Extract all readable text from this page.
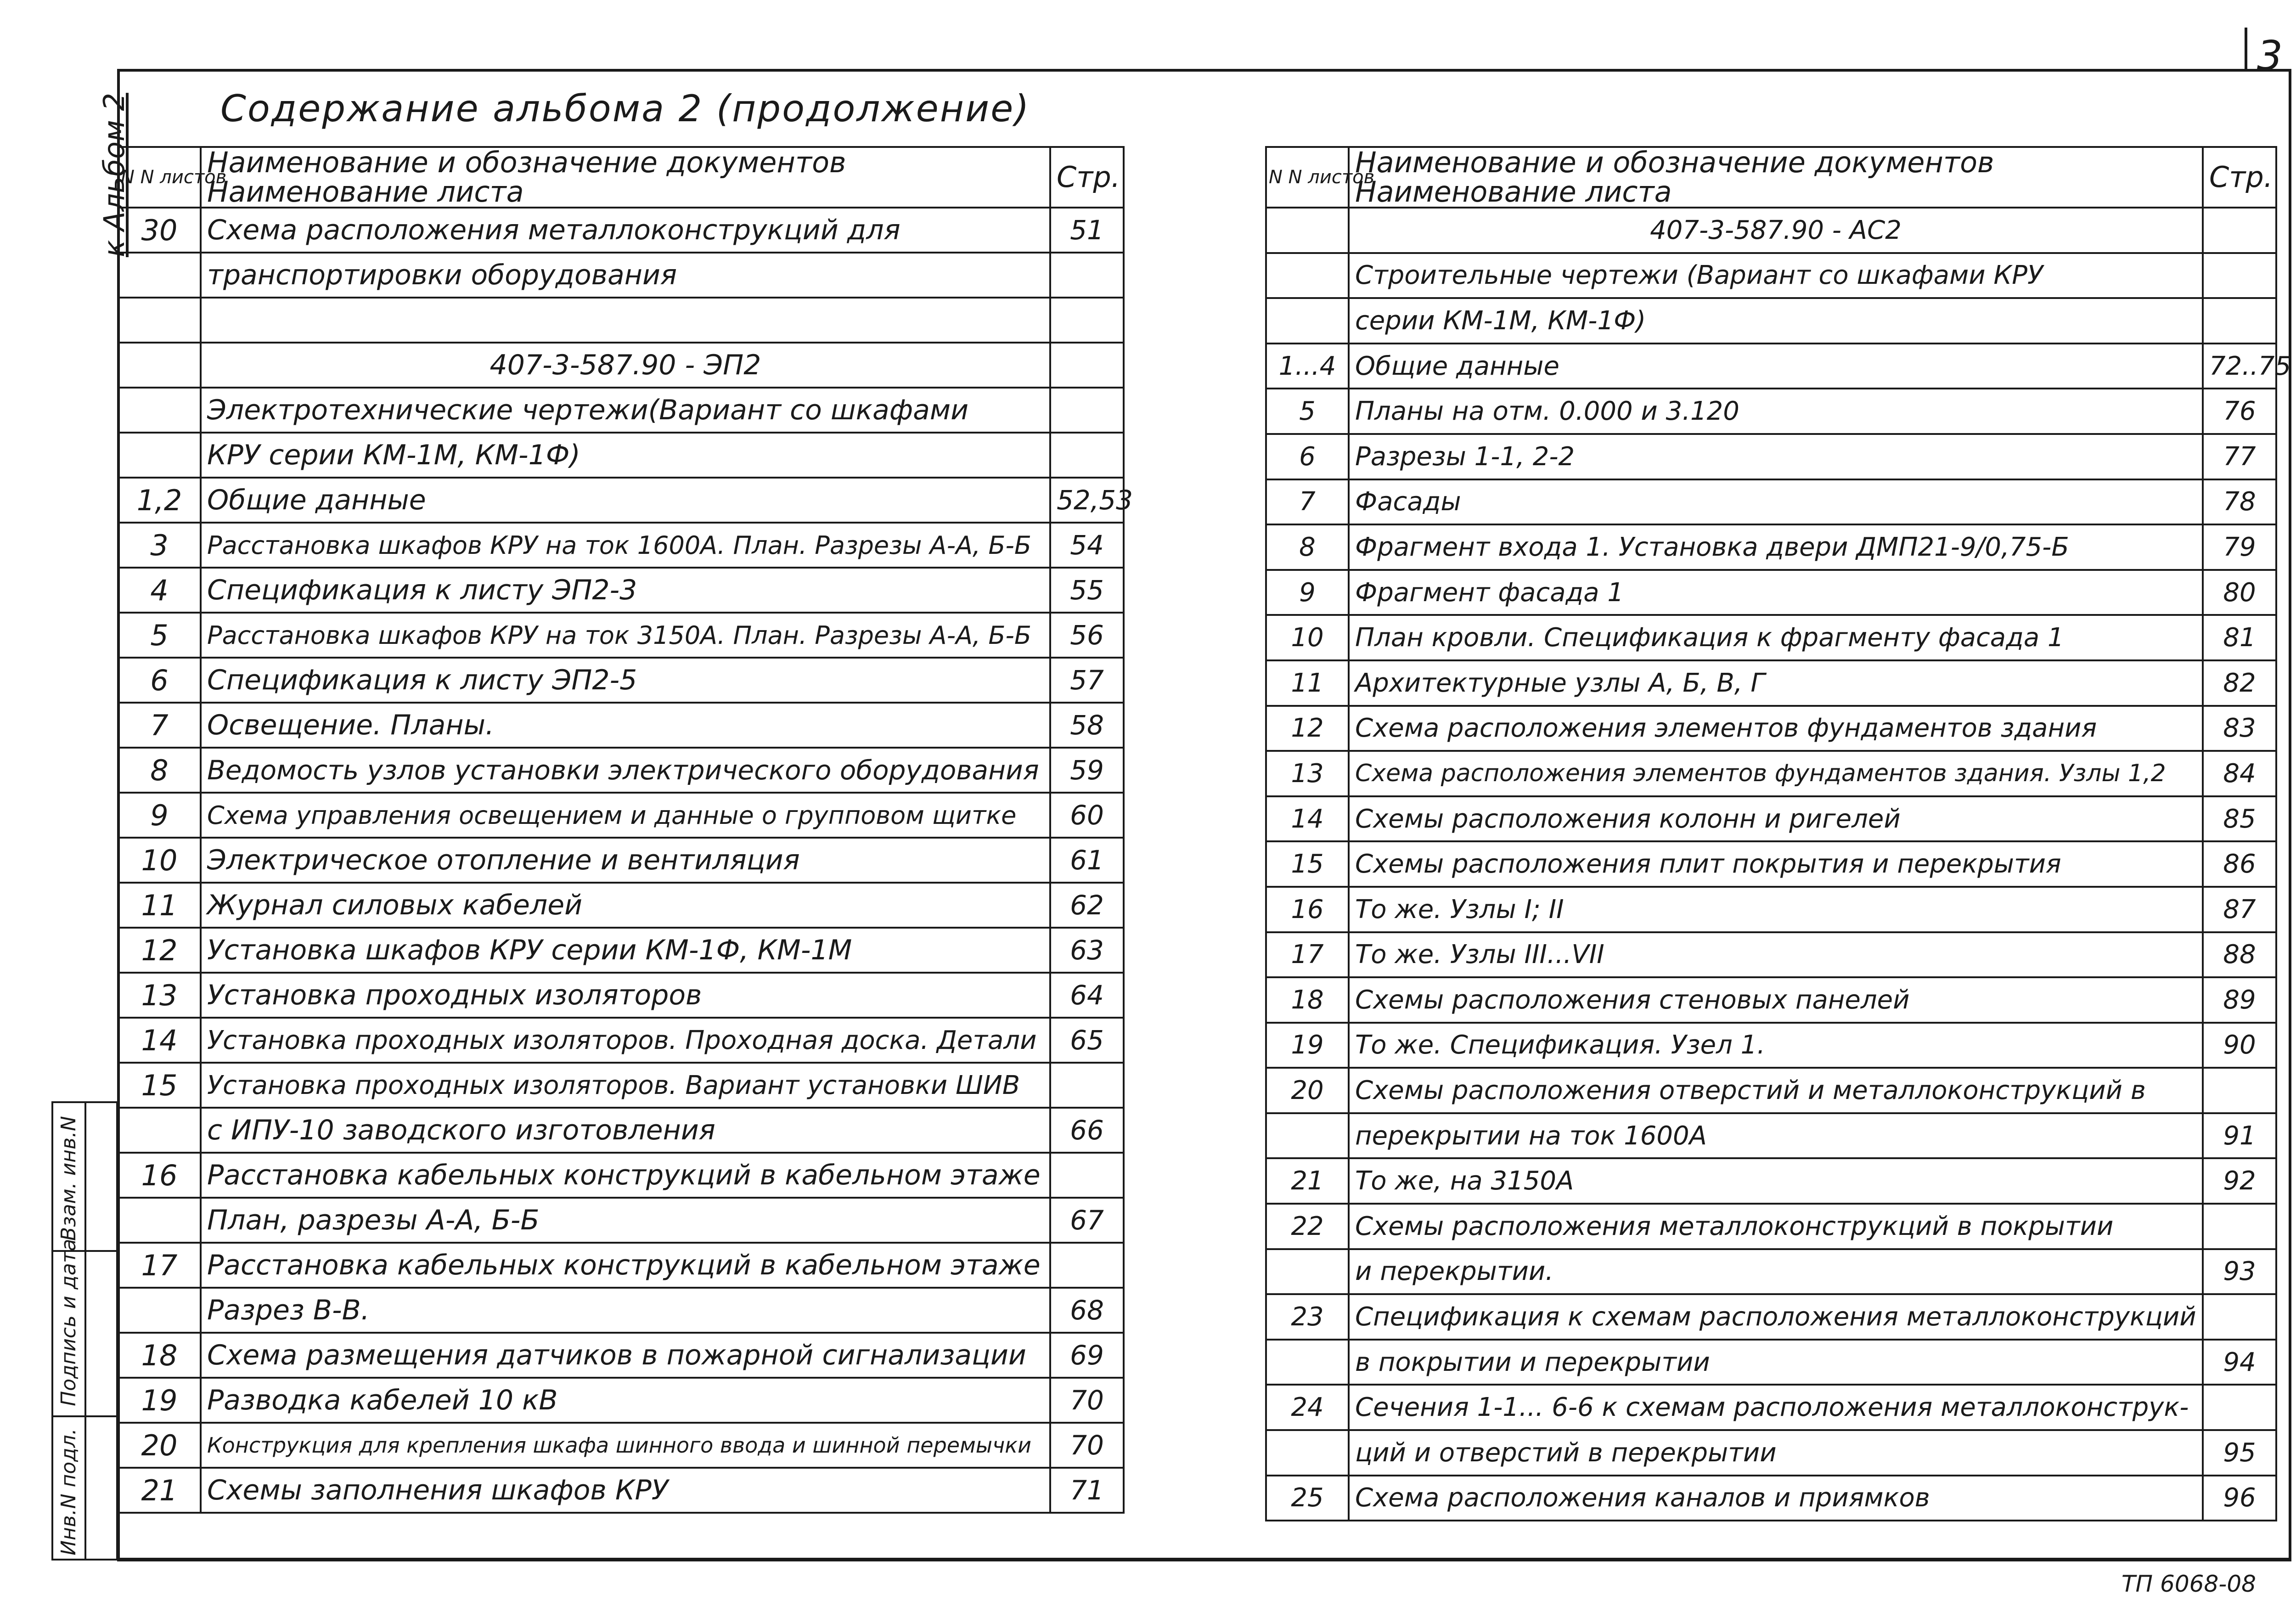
3
к Альбом 2 Содержание альбома 2 (продолжение)
N N листов	Наименование и обозначение документов
Наименование листа	Стр.
30	Схема расположения металлоконструкций для	51
	транспортировки оборудования	

	407-3-587.90 - ЭП2	
	Электротехнические чертежи(Вариант со шкафами	
	КРУ серии КМ-1М, КМ-1Ф)	
1,2	Общие данные	52,53
3	Расстановка шкафов КРУ на ток 1600А. План. Разрезы А-А, Б-Б	54
4	Спецификация к листу ЭП2-3	55
5	Расстановка шкафов КРУ на ток 3150А. План. Разрезы А-А, Б-Б	56
6	Спецификация к листу ЭП2-5	57
7	Освещение. Планы.	58
8	Ведомость узлов установки электрического оборудования	59
9	Схема управления освещением и данные о групповом щитке	60
10	Электрическое отопление и вентиляция	61
11	Журнал силовых кабелей	62
12	Установка шкафов КРУ серии КМ-1Ф, КМ-1М	63
13	Установка проходных изоляторов	64
14	Установка проходных изоляторов. Проходная доска. Детали	65
15	Установка проходных изоляторов. Вариант установки ШИВ	
	с ИПУ-10 заводского изготовления	66
16	Расстановка кабельных конструкций в кабельном этаже	
	План, разрезы А-А, Б-Б	67
17	Расстановка кабельных конструкций в кабельном этаже	
	Разрез В-В.	68
18	Схема размещения датчиков в пожарной сигнализации	69
19	Разводка кабелей 10 кВ	70
20	Конструкция для крепления шкафа шинного ввода и шинной перемычки	70
21	Схемы заполнения шкафов КРУ	71
N N листов	Наименование и обозначение документов
Наименование листа	Стр.
	407-3-587.90 - АС2	
	Строительные чертежи (Вариант со шкафами КРУ	
	серии КМ-1М, КМ-1Ф)	
1...4	Общие данные	72..75
5	Планы на отм. 0.000 и 3.120	76
6	Разрезы 1-1, 2-2	77
7	Фасады	78
8	Фрагмент входа 1. Установка двери ДМП21-9/0,75-Б	79
9	Фрагмент фасада 1	80
10	План кровли. Спецификация к фрагменту фасада 1	81
11	Архитектурные узлы А, Б, В, Г	82
12	Схема расположения элементов фундаментов здания	83
13	Схема расположения элементов фундаментов здания. Узлы 1,2	84
14	Схемы расположения колонн и ригелей	85
15	Схемы расположения плит покрытия и перекрытия	86
16	То же. Узлы I; II	87
17	То же. Узлы III...VII	88
18	Схемы расположения стеновых панелей	89
19	То же. Спецификация. Узел 1.	90
20	Схемы расположения отверстий и металлоконструкций в	
	перекрытии на ток 1600А	91
21	То же, на 3150А	92
22	Схемы расположения металлоконструкций в покрытии	
	и перекрытии.	93
23	Спецификация к схемам расположения металлоконструкций	
	в покрытии и перекрытии	94
24	Сечения 1-1... 6-6 к схемам расположения металлоконструк-	
	ций и отверстий в перекрытии	95
25	Схема расположения каналов и приямков	96
Взам. инв.N
Подпись и дата
Инв.N подл.
ТП 6068-08
